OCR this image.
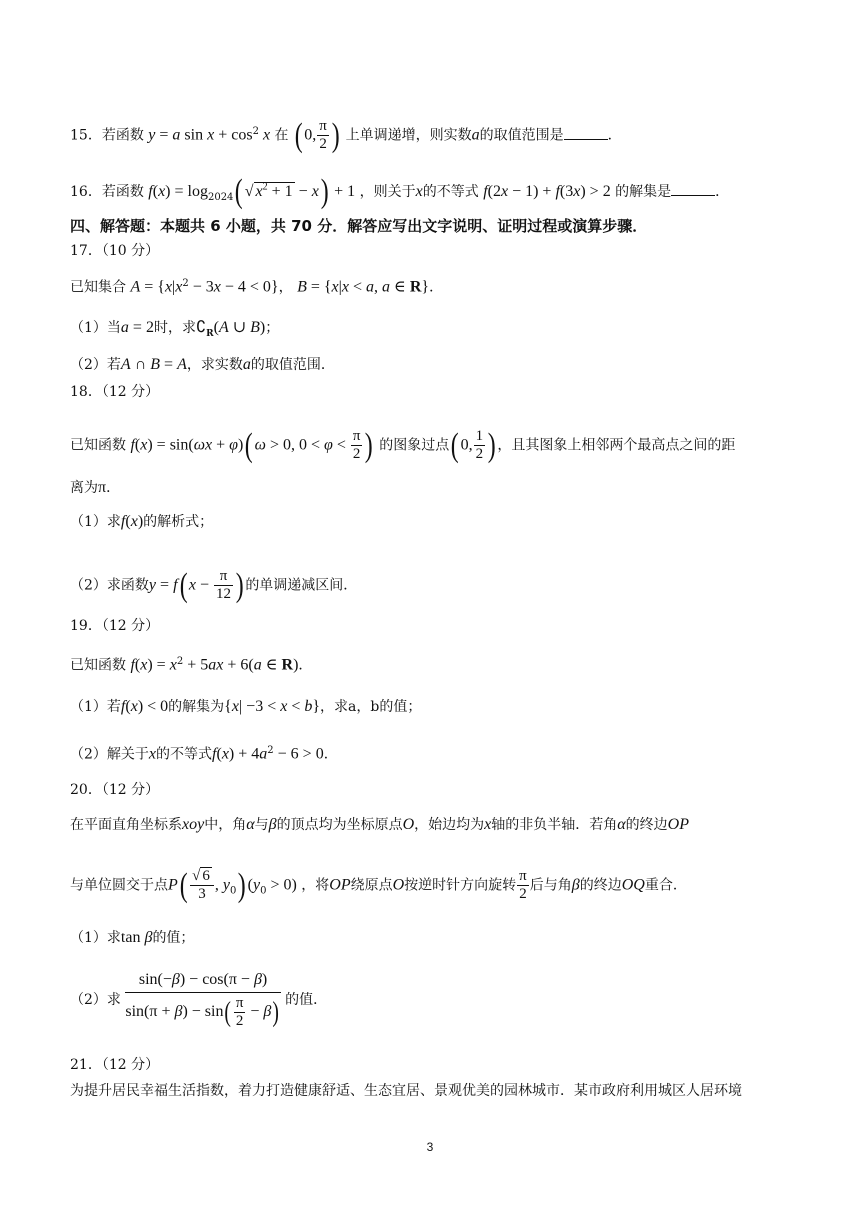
15．若函数 y = a $\sin x + \cos^2 x$ 在 ( 0, $\frac{\pi}{2}$ ) 上单调递增，则实数a的取值范围是	．
16．若函数 $f(x) = \log_{2024}$( √ $x^2 + 1 - x) + 1$ ，则关于x的不等式 f(2x − 1) + f(3x) > 2 的解集是	．
四、解答题：本题共 6 小题，共 70 分．解答应写出文字说明、证明过程或演算步骤．
17．（10 分）
已知集合 $A = \{x|x^2 - 3x - 4 < 0\}$， B = {x|x < a, a ∈ R}．
（1）当a = 2时，求$∁_R(A$ ∪ B)；
（2）若A ∩ B = A，求实数a的取值范围．
18．（12 分）
已知函数 f(x) = sin(ωx + φ)( ω > 0, $0 < \varphi < \frac{\pi}{2}$ ) 的图象过点( 0, $\frac{1}{2}$ ) ，且其图象上相邻两个最高点之间的距
离为π．
（1）求f(x)的解析式；
（2）求函数y = f( $x - \frac{\pi}{12}$ ) 的单调递减区间．
19．（12 分）
已知函数 $f(x) = x^2 + 5ax + 6(a$ ∈ R)．
（1）若f(x) < 0的解集为{x| −3 < x < b}，求a，b的值；
（2）解关于x的不等式$f(x) + 4a^2 - 6 > 0$．
20．（12 分）
在平面直角坐标系xoy中，角α与β的顶点均为坐标原点O，始边均为x轴的非负半轴．若角α的终边OP
与单位圆交于点$P( \frac{√ 6}{3}$ , $y_0$) $(y_0 > 0)$ ，将OP绕原点O按逆时针方向旋转 $\frac{\pi}{2}$ 后与角β的终边OQ重合．
（1）求tan β的值；
（2）求 $\frac{\sin(-\beta) - \cos(\pi - \beta)}{\sin(\pi + \beta) - \sin( \frac{\pi}{2} - \beta)}$ 的值．
21．（12 分）
为提升居民幸福生活指数，着力打造健康舒适、生态宜居、景观优美的园林城市．某市政府利用城区人居环境
3
